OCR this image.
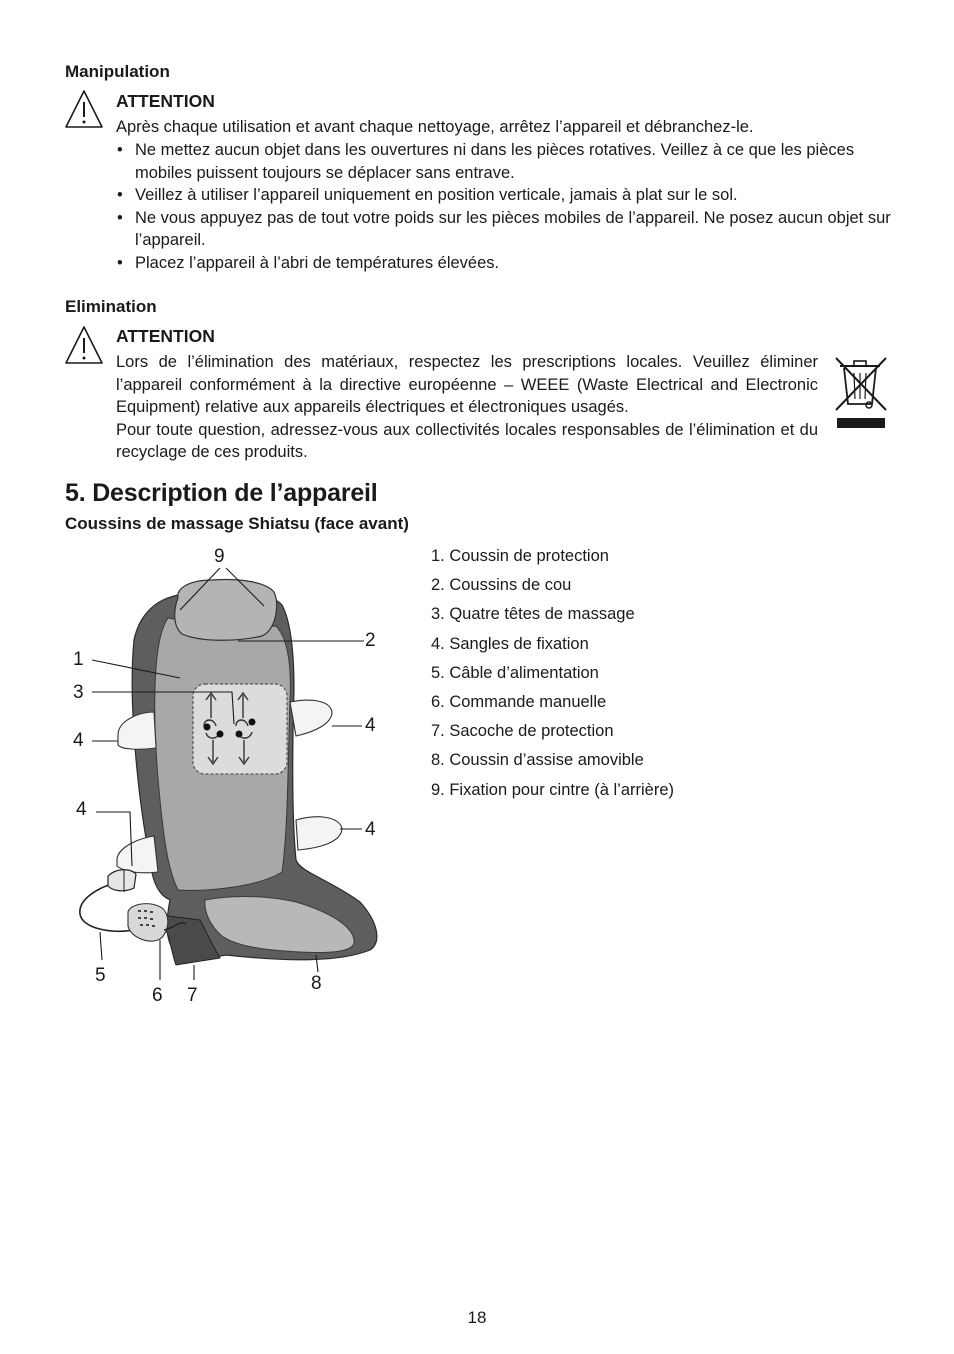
Manipulation
ATTENTION

Après chaque utilisation et avant chaque nettoyage, arrêtez l’appareil et débranchez-le.

• Ne mettez aucun objet dans les ouvertures ni dans les pièces rotatives. Veillez à ce que les pièces mobiles puissent toujours se déplacer sans entrave.
• Veillez à utiliser l’appareil uniquement en position verticale, jamais à plat sur le sol.
• Ne vous appuyez pas de tout votre poids sur les pièces mobiles de l’appareil. Ne posez aucun objet sur l’appareil.
• Placez l’appareil à l’abri de températures élevées.
Elimination
ATTENTION

Lors de l’élimination des matériaux, respectez les prescriptions locales. Veuillez éliminer l’appareil conformément à la directive européenne – WEEE (Waste Electrical and Electronic Equipment) relative aux appareils électriques et électroniques usagés.

Pour toute question, adressez-vous aux collectivités locales responsables de l’élimination et du recyclage de ces produits.

5. Description de l’appareil
Coussins de massage Shiatsu (face avant)
1. Coussin de protection
2. Coussins de cou
3. Quatre têtes de massage
4. Sangles de fixation
5. Câble d’alimentation
6. Commande manuelle
7. Sacoche de protection
8. Coussin d’assise amovible
9. Fixation pour cintre (à l’arrière)
9
2
1
3
4
4
4
4
5
6 7
8
18
